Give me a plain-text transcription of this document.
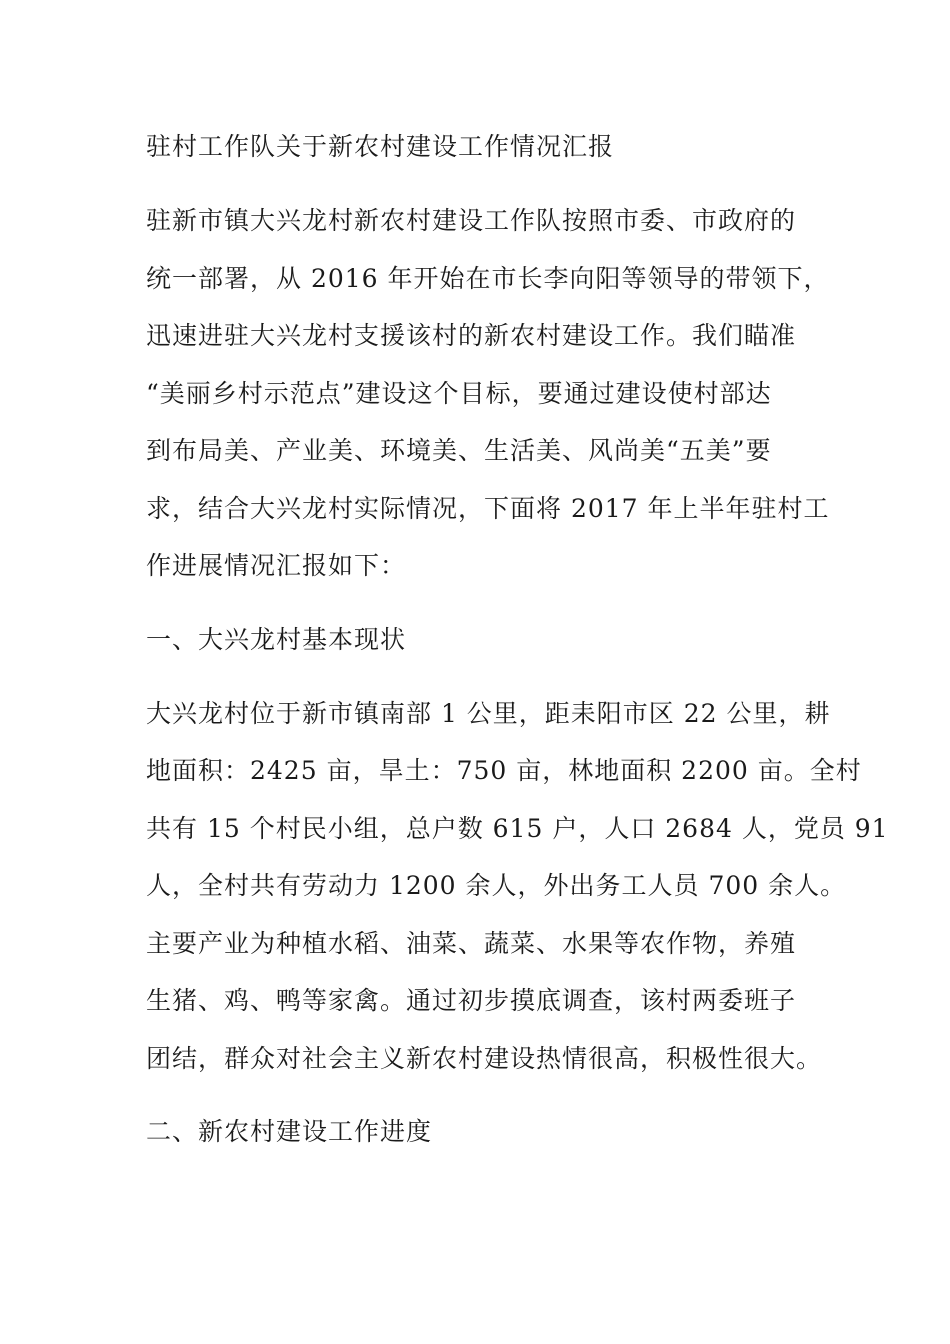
驻村工作队关于新农村建设工作情况汇报

驻新市镇大兴龙村新农村建设工作队按照市委、市政府的
统一部署，从 2016 年开始在市长李向阳等领导的带领下，
迅速进驻大兴龙村支援该村的新农村建设工作。我们瞄准
“美丽乡村示范点”建设这个目标，要通过建设使村部达
到布局美、产业美、环境美、生活美、风尚美“五美”要
求，结合大兴龙村实际情况，下面将 2017 年上半年驻村工
作进展情况汇报如下：

一、大兴龙村基本现状

大兴龙村位于新市镇南部 1 公里，距耒阳市区 22 公里，耕
地面积：2425 亩，旱土：750 亩，林地面积 2200 亩。全村
共有 15 个村民小组，总户数 615 户，人口 2684 人，党员 91
人，全村共有劳动力 1200 余人，外出务工人员 700 余人。
主要产业为种植水稻、油菜、蔬菜、水果等农作物，养殖
生猪、鸡、鸭等家禽。通过初步摸底调查，该村两委班子
团结，群众对社会主义新农村建设热情很高，积极性很大。

二、新农村建设工作进度
